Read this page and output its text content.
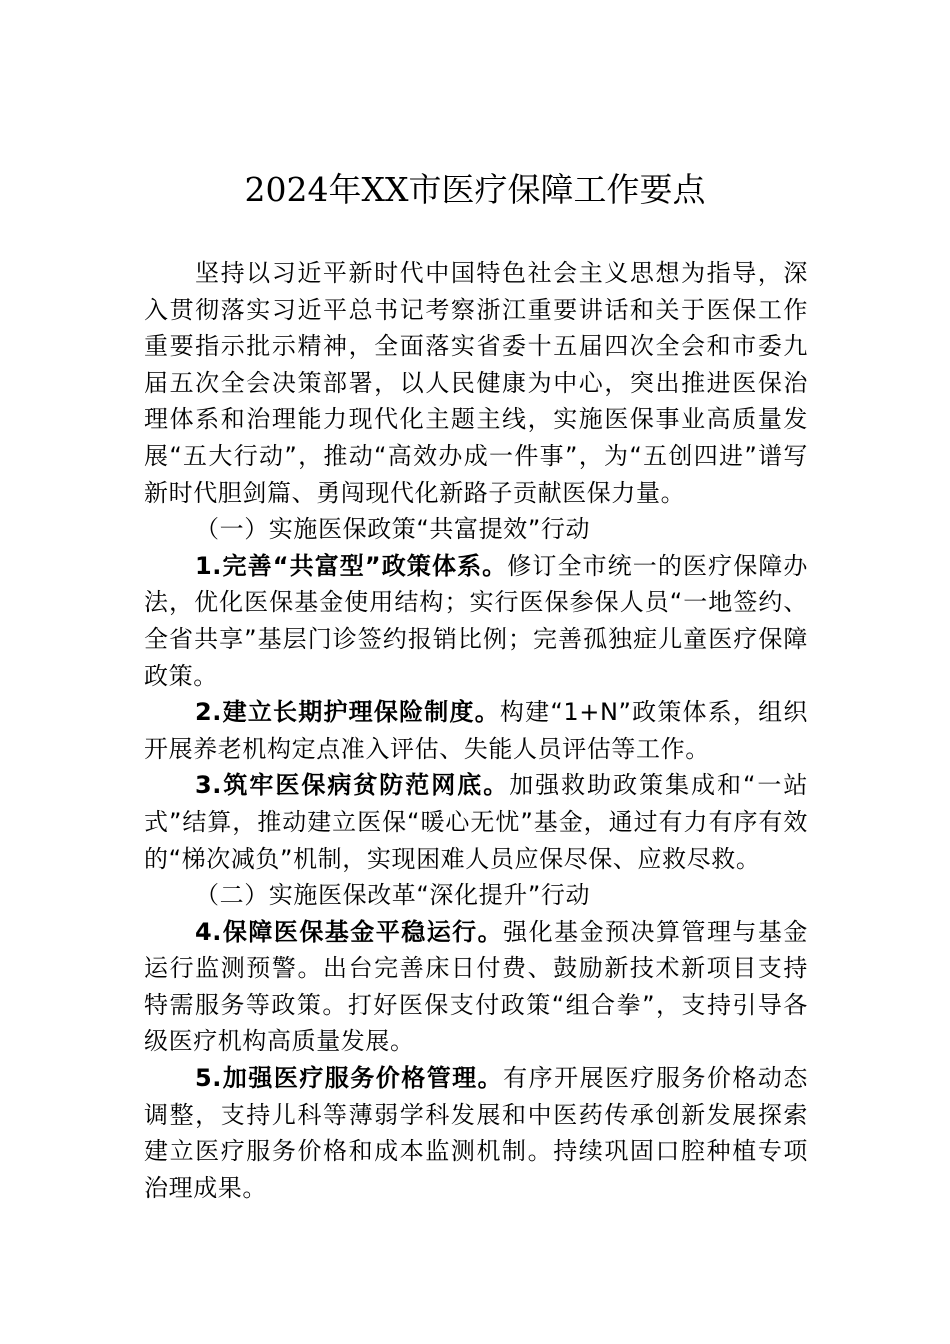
2024年XX市医疗保障工作要点

坚持以习近平新时代中国特色社会主义思想为指导，深入贯彻落实习近平总书记考察浙江重要讲话和关于医保工作重要指示批示精神，全面落实省委十五届四次全会和市委九届五次全会决策部署，以人民健康为中心，突出推进医保治理体系和治理能力现代化主题主线，实施医保事业高质量发展“五大行动”，推动“高效办成一件事”，为“五创四进”谱写新时代胆剑篇、勇闯现代化新路子贡献医保力量。

（一）实施医保政策“共富提效”行动

1.完善“共富型”政策体系。修订全市统一的医疗保障办法，优化医保基金使用结构；实行医保参保人员“一地签约、全省共享”基层门诊签约报销比例；完善孤独症儿童医疗保障政策。

2.建立长期护理保险制度。构建“1+N”政策体系，组织开展养老机构定点准入评估、失能人员评估等工作。

3.筑牢医保病贫防范网底。加强救助政策集成和“一站式”结算，推动建立医保“暖心无忧”基金，通过有力有序有效的“梯次减负”机制，实现困难人员应保尽保、应救尽救。

（二）实施医保改革“深化提升”行动

4.保障医保基金平稳运行。强化基金预决算管理与基金运行监测预警。出台完善床日付费、鼓励新技术新项目支持特需服务等政策。打好医保支付政策“组合拳”，支持引导各级医疗机构高质量发展。

5.加强医疗服务价格管理。有序开展医疗服务价格动态调整，支持儿科等薄弱学科发展和中医药传承创新发展探索建立医疗服务价格和成本监测机制。持续巩固口腔种植专项治理成果。
